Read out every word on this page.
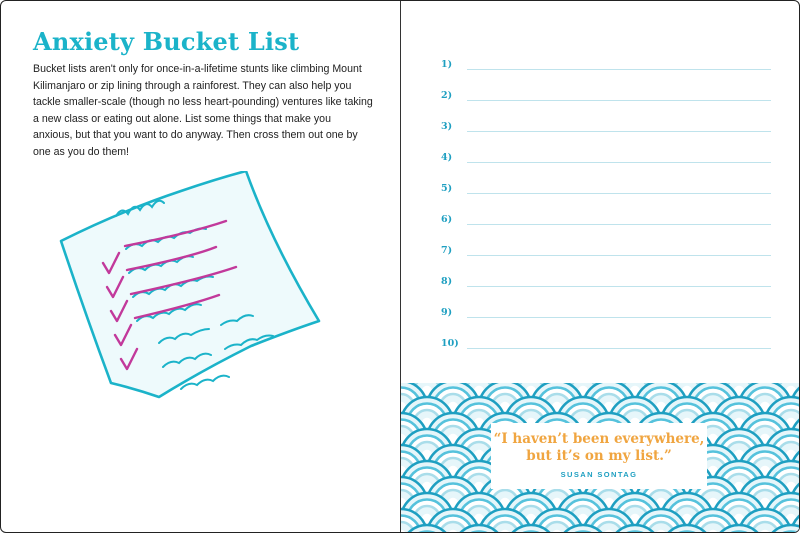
Anxiety Bucket List

Bucket lists aren't only for once-in-a-lifetime stunts like climbing Mount Kilimanjaro or zip lining through a rainforest. They can also help you tackle smaller-scale (though no less heart-pounding) ventures like taking a new class or eating out alone. List some things that make you anxious, but that you want to do anyway. Then cross them out one by one as you do them!

1)
2)
3)
4)
5)
6)
7)
8)
9)
10)

“I haven’t been everywhere, but it’s on my list.”

SUSAN SONTAG
